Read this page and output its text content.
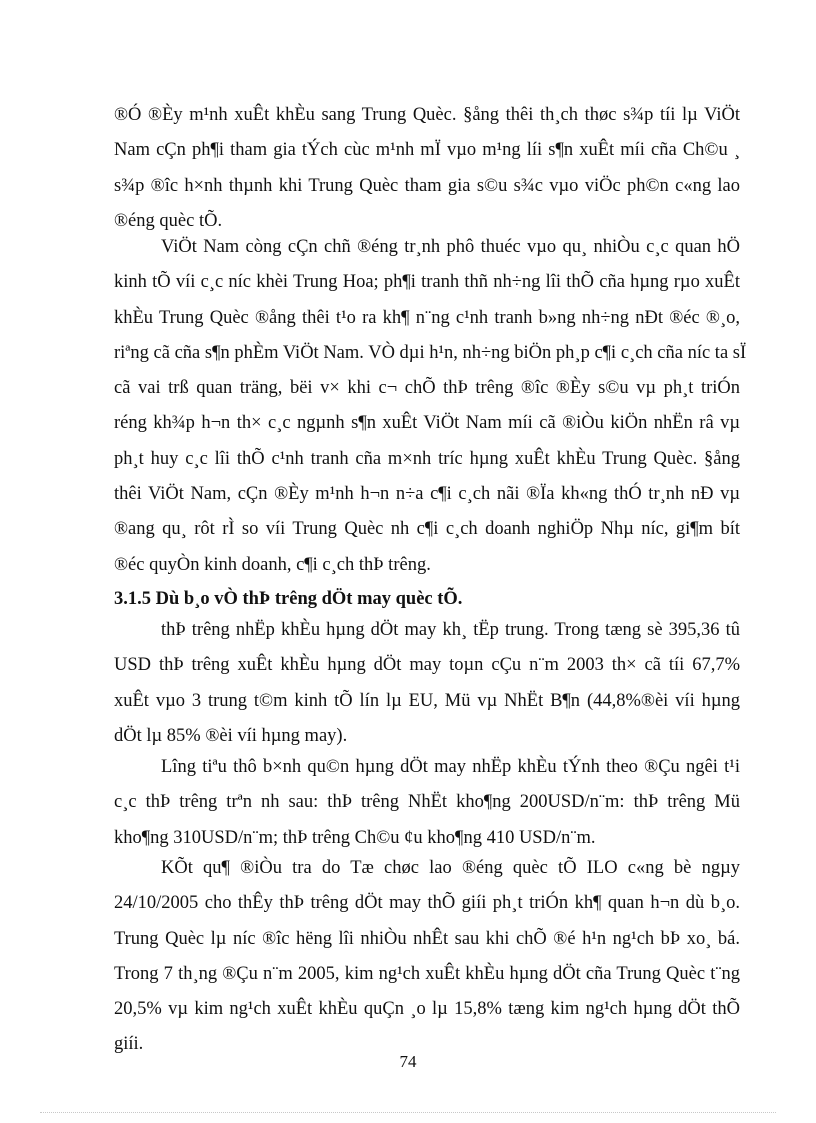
®Ó ®Èy m¹nh xuÊt khÈu sang Trung Quèc. §ång thêi th¸ch thøc s¾p tíi lµ ViÖt
Nam cÇn ph¶i tham gia tÝch cùc m¹nh mÏ vµo m¹ng líi s¶n xuÊt míi cña Ch©u ¸
s¾p ®îc h×nh thµnh khi Trung Quèc tham gia s©u s¾c vµo viÖc ph©n c«ng lao
®éng quèc tÕ.
ViÖt Nam còng cÇn chñ ®éng tr¸nh phô thuéc vµo qu¸ nhiÒu c¸c quan hÖ
kinh tÕ víi c¸c níc khèi Trung Hoa; ph¶i tranh thñ nh÷ng lîi thÕ cña hµng rµo xuÊt
khÈu Trung Quèc ®ång thêi t¹o ra kh¶ n¨ng c¹nh tranh b»ng nh÷ng nÐt ®éc ®¸o,
riªng cã cña s¶n phÈm ViÖt Nam. VÒ dµi h¹n, nh÷ng biÖn ph¸p c¶i c¸ch cña níc ta sÏ
cã vai trß quan träng, bëi v× khi c¬ chÕ thÞ trêng ®îc ®Èy s©u vµ ph¸t triÓn
réng kh¾p h¬n th× c¸c ngµnh s¶n xuÊt ViÖt Nam míi cã ®iÒu kiÖn nhËn râ vµ
ph¸t huy c¸c lîi thÕ c¹nh tranh cña m×nh tríc hµng xuÊt khÈu Trung Quèc. §ång
thêi ViÖt Nam, cÇn ®Èy m¹nh h¬n n÷a c¶i c¸ch nãi ®Ïa kh«ng thÓ tr¸nh nÐ vµ
®ang qu¸ rôt rÌ so víi Trung Quèc nh c¶i c¸ch doanh nghiÖp Nhµ níc, gi¶m bít
®éc quyÒn kinh doanh, c¶i c¸ch thÞ trêng.
3.1.5 Dù b¸o vÒ thÞ trêng dÖt may quèc tÕ.
thÞ trêng nhËp khÈu hµng dÖt may kh¸ tËp trung. Trong tæng sè 395,36 tû
USD thÞ trêng xuÊt khÈu hµng dÖt may toµn cÇu n¨m 2003 th× cã tíi 67,7%
xuÊt vµo 3 trung t©m kinh tÕ lín lµ EU, Mü vµ NhËt B¶n (44,8%®èi víi hµng
dÖt lµ 85% ®èi víi hµng may).
Lîng tiªu thô b×nh qu©n hµng dÖt may nhËp khÈu tÝnh theo ®Çu ngêi t¹i
c¸c thÞ trêng trªn nh sau: thÞ trêng NhËt kho¶ng 200USD/n¨m: thÞ trêng Mü
kho¶ng 310USD/n¨m; thÞ trêng Ch©u ¢u kho¶ng 410 USD/n¨m.
KÕt qu¶ ®iÒu tra do Tæ chøc lao ®éng quèc tÕ ILO c«ng bè ngµy
24/10/2005 cho thÊy thÞ trêng dÖt may thÕ giíi ph¸t triÓn kh¶ quan h¬n dù b¸o.
Trung Quèc lµ níc ®îc hëng lîi nhiÒu nhÊt sau khi chÕ ®é h¹n ng¹ch bÞ xo¸ bá.
Trong 7 th¸ng ®Çu n¨m 2005, kim ng¹ch xuÊt khÈu hµng dÖt cña Trung Quèc t¨ng
20,5% vµ kim ng¹ch xuÊt khÈu quÇn ¸o lµ 15,8% tæng kim ng¹ch hµng dÖt thÕ
giíi.
74
